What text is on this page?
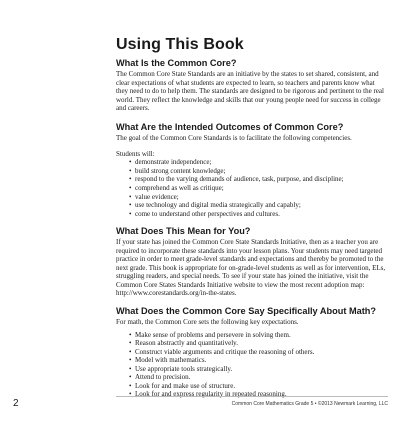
Using This Book
What Is the Common Core?

The Common Core State Standards are an initiative by the states to set shared, consistent, and clear expectations of what students are expected to learn, so teachers and parents know what they need to do to help them. The standards are designed to be rigorous and pertinent to the real world. They reflect the knowledge and skills that our young people need for success in college and careers.

What Are the Intended Outcomes of Common Core?

The goal of the Common Core Standards is to facilitate the following competencies.

Students will:

• demonstrate independence;
• build strong content knowledge;
• respond to the varying demands of audience, task, purpose, and discipline;
• comprehend as well as critique;
• value evidence;
• use technology and digital media strategically and capably;
• come to understand other perspectives and cultures.
What Does This Mean for You?

If your state has joined the Common Core State Standards Initiative, then as a teacher you are required to incorporate these standards into your lesson plans. Your students may need targeted practice in order to meet grade-level standards and expectations and thereby be promoted to the next grade. This book is appropriate for on-grade-level students as well as for intervention, ELs, struggling readers, and special needs. To see if your state has joined the initiative, visit the Common Core States Standards Initiative website to view the most recent adoption map: http://www.corestandards.org/in-the-states.

What Does the Common Core Say Specifically About Math?

For math, the Common Core sets the following key expectations.

• Make sense of problems and persevere in solving them.
• Reason abstractly and quantitatively.
• Construct viable arguments and critique the reasoning of others.
• Model with mathematics.
• Use appropriate tools strategically.
• Attend to precision.
• Look for and make use of structure.
• Look for and express regularity in repeated reasoning.
2	Common Core Mathematics Grade 5 • ©2013 Newmark Learning, LLC
